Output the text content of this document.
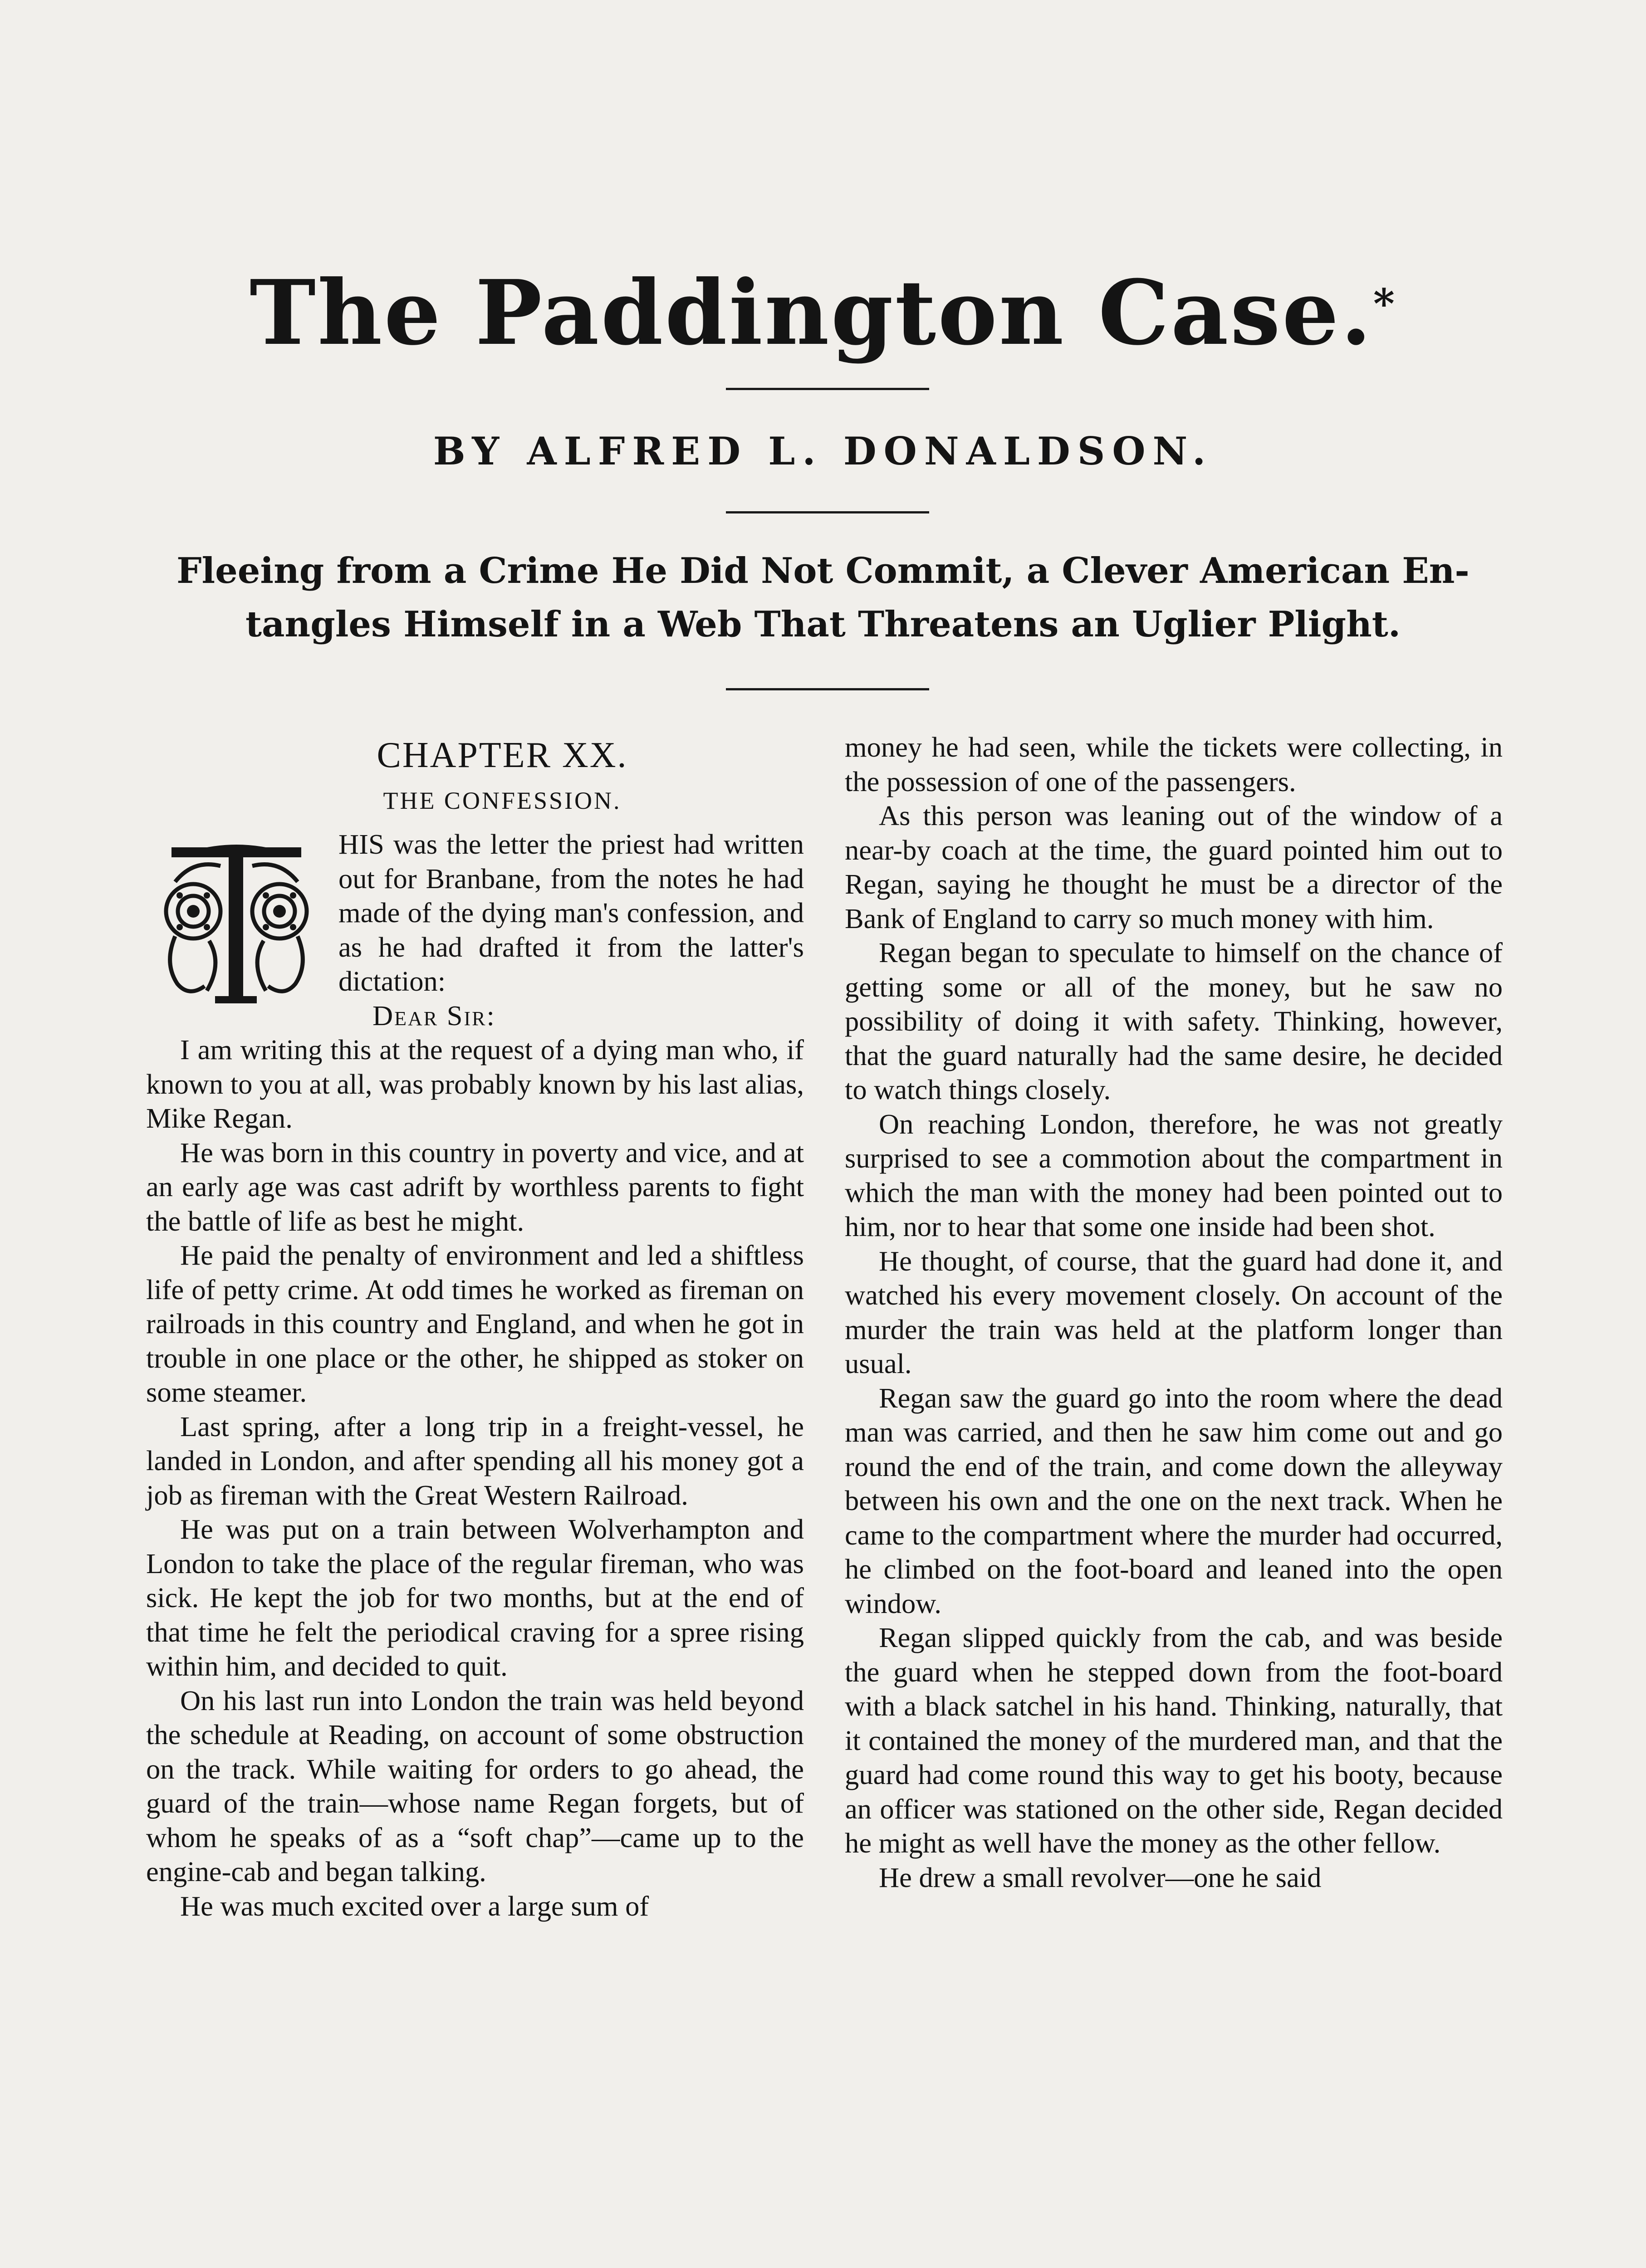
The Paddington Case.*
BY ALFRED L. DONALDSON.
Fleeing from a Crime He Did Not Commit, a Clever American En-
tangles Himself in a Web That Threatens an Uglier Plight.
CHAPTER XX.
THE CONFESSION.

HIS was the letter the priest had written out for Branbane, from the notes he had made of the dying man's confession, and as he had drafted it from the latter's dictation:

Dear Sir:

I am writing this at the request of a dying man who, if known to you at all, was probably known by his last alias, Mike Regan.

He was born in this country in poverty and vice, and at an early age was cast adrift by worthless parents to fight the battle of life as best he might.

He paid the penalty of environment and led a shiftless life of petty crime. At odd times he worked as fireman on railroads in this country and England, and when he got in trouble in one place or the other, he shipped as stoker on some steamer.

Last spring, after a long trip in a freight-vessel, he landed in London, and after spending all his money got a job as fireman with the Great Western Railroad.

He was put on a train between Wolverhampton and London to take the place of the regular fireman, who was sick. He kept the job for two months, but at the end of that time he felt the periodical craving for a spree rising within him, and decided to quit.

On his last run into London the train was held beyond the schedule at Reading, on account of some obstruction on the track. While waiting for orders to go ahead, the guard of the train—whose name Regan forgets, but of whom he speaks of as a “soft chap”—came up to the engine-cab and began talking.

He was much excited over a large sum of

money he had seen, while the tickets were collecting, in the possession of one of the passengers.

As this person was leaning out of the window of a near-by coach at the time, the guard pointed him out to Regan, saying he thought he must be a director of the Bank of England to carry so much money with him.

Regan began to speculate to himself on the chance of getting some or all of the money, but he saw no possibility of doing it with safety. Thinking, however, that the guard naturally had the same desire, he decided to watch things closely.

On reaching London, therefore, he was not greatly surprised to see a commotion about the compartment in which the man with the money had been pointed out to him, nor to hear that some one inside had been shot.

He thought, of course, that the guard had done it, and watched his every movement closely. On account of the murder the train was held at the platform longer than usual.

Regan saw the guard go into the room where the dead man was carried, and then he saw him come out and go round the end of the train, and come down the alleyway between his own and the one on the next track. When he came to the compartment where the murder had occurred, he climbed on the foot-board and leaned into the open window.

Regan slipped quickly from the cab, and was beside the guard when he stepped down from the foot-board with a black satchel in his hand. Thinking, naturally, that it contained the money of the murdered man, and that the guard had come round this way to get his booty, because an officer was stationed on the other side, Regan decided he might as well have the money as the other fellow.

He drew a small revolver—one he said
